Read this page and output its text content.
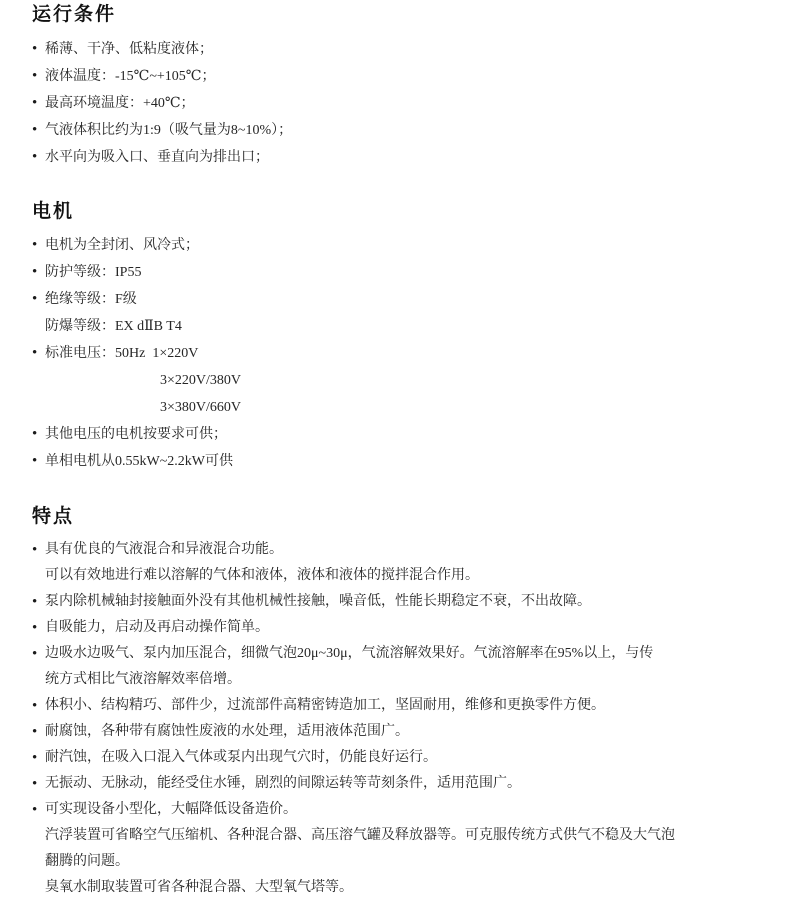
运行条件
• 稀薄、干净、低粘度液体；
• 液体温度：-15℃~+105℃；
• 最高环境温度：+40℃；
• 气液体积比约为1:9（吸气量为8~10%）；
• 水平向为吸入口、垂直向为排出口；
电机
• 电机为全封闭、风冷式；
• 防护等级：IP55
• 绝缘等级：F级
防爆等级：EX dⅡB T4
• 标准电压：50Hz  1×220V
3×220V/380V
3×380V/660V
• 其他电压的电机按要求可供；
• 单相电机从0.55kW~2.2kW可供
特点
• 具有优良的气液混合和异液混合功能。
可以有效地进行难以溶解的气体和液体，液体和液体的搅拌混合作用。
• 泵内除机械轴封接触面外没有其他机械性接触，噪音低，性能长期稳定不衰，不出故障。
• 自吸能力，启动及再启动操作简单。
• 边吸水边吸气、泵内加压混合，细微气泡20μ~30μ，气流溶解效果好。气流溶解率在95%以上，与传
统方式相比气液溶解效率倍增。
• 体积小、结构精巧、部件少，过流部件高精密铸造加工，坚固耐用，维修和更换零件方便。
• 耐腐蚀，各种带有腐蚀性废液的水处理，适用液体范围广。
• 耐汽蚀，在吸入口混入气体或泵内出现气穴时，仍能良好运行。
• 无振动、无脉动，能经受住水锤，剧烈的间隙运转等苛刻条件，适用范围广。
• 可实现设备小型化，大幅降低设备造价。
汽浮装置可省略空气压缩机、各种混合器、高压溶气罐及释放器等。可克服传统方式供气不稳及大气泡
翻腾的问题。
臭氧水制取装置可省各种混合器、大型氧气塔等。
